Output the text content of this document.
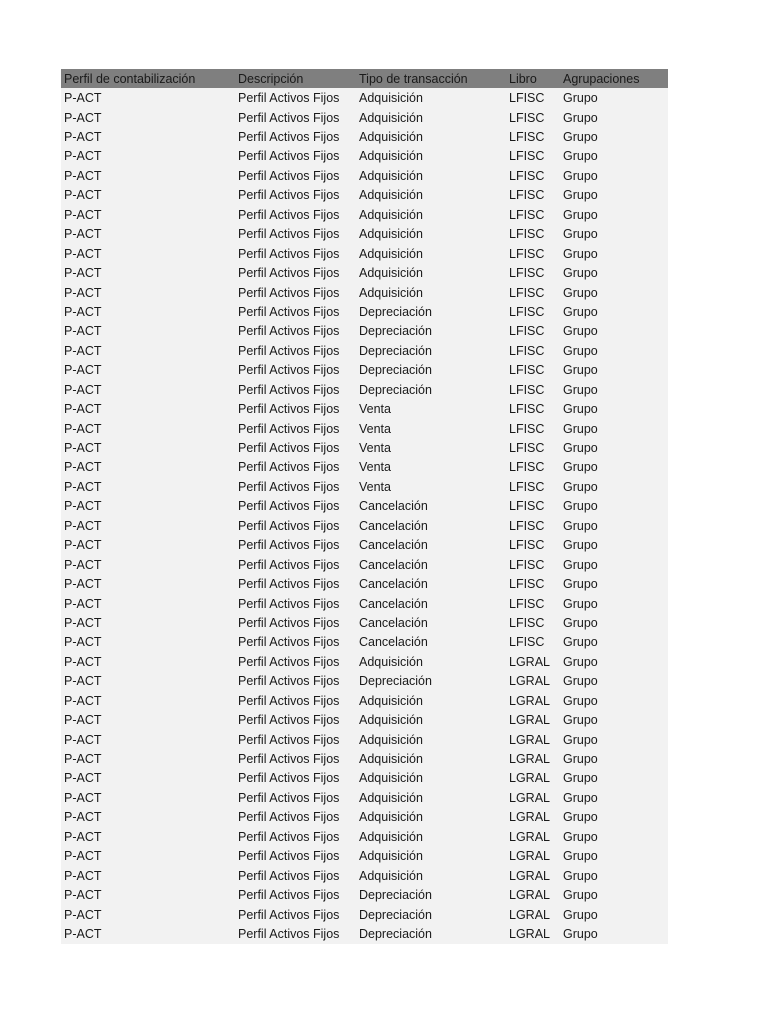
Perfil de contabilización	Descripción	Tipo de transacción	Libro	Agrupaciones
P-ACT	Perfil Activos Fijos	Adquisición	LFISC	Grupo
P-ACT	Perfil Activos Fijos	Adquisición	LFISC	Grupo
P-ACT	Perfil Activos Fijos	Adquisición	LFISC	Grupo
P-ACT	Perfil Activos Fijos	Adquisición	LFISC	Grupo
P-ACT	Perfil Activos Fijos	Adquisición	LFISC	Grupo
P-ACT	Perfil Activos Fijos	Adquisición	LFISC	Grupo
P-ACT	Perfil Activos Fijos	Adquisición	LFISC	Grupo
P-ACT	Perfil Activos Fijos	Adquisición	LFISC	Grupo
P-ACT	Perfil Activos Fijos	Adquisición	LFISC	Grupo
P-ACT	Perfil Activos Fijos	Adquisición	LFISC	Grupo
P-ACT	Perfil Activos Fijos	Adquisición	LFISC	Grupo
P-ACT	Perfil Activos Fijos	Depreciación	LFISC	Grupo
P-ACT	Perfil Activos Fijos	Depreciación	LFISC	Grupo
P-ACT	Perfil Activos Fijos	Depreciación	LFISC	Grupo
P-ACT	Perfil Activos Fijos	Depreciación	LFISC	Grupo
P-ACT	Perfil Activos Fijos	Depreciación	LFISC	Grupo
P-ACT	Perfil Activos Fijos	Venta	LFISC	Grupo
P-ACT	Perfil Activos Fijos	Venta	LFISC	Grupo
P-ACT	Perfil Activos Fijos	Venta	LFISC	Grupo
P-ACT	Perfil Activos Fijos	Venta	LFISC	Grupo
P-ACT	Perfil Activos Fijos	Venta	LFISC	Grupo
P-ACT	Perfil Activos Fijos	Cancelación	LFISC	Grupo
P-ACT	Perfil Activos Fijos	Cancelación	LFISC	Grupo
P-ACT	Perfil Activos Fijos	Cancelación	LFISC	Grupo
P-ACT	Perfil Activos Fijos	Cancelación	LFISC	Grupo
P-ACT	Perfil Activos Fijos	Cancelación	LFISC	Grupo
P-ACT	Perfil Activos Fijos	Cancelación	LFISC	Grupo
P-ACT	Perfil Activos Fijos	Cancelación	LFISC	Grupo
P-ACT	Perfil Activos Fijos	Cancelación	LFISC	Grupo
P-ACT	Perfil Activos Fijos	Adquisición	LGRAL	Grupo
P-ACT	Perfil Activos Fijos	Depreciación	LGRAL	Grupo
P-ACT	Perfil Activos Fijos	Adquisición	LGRAL	Grupo
P-ACT	Perfil Activos Fijos	Adquisición	LGRAL	Grupo
P-ACT	Perfil Activos Fijos	Adquisición	LGRAL	Grupo
P-ACT	Perfil Activos Fijos	Adquisición	LGRAL	Grupo
P-ACT	Perfil Activos Fijos	Adquisición	LGRAL	Grupo
P-ACT	Perfil Activos Fijos	Adquisición	LGRAL	Grupo
P-ACT	Perfil Activos Fijos	Adquisición	LGRAL	Grupo
P-ACT	Perfil Activos Fijos	Adquisición	LGRAL	Grupo
P-ACT	Perfil Activos Fijos	Adquisición	LGRAL	Grupo
P-ACT	Perfil Activos Fijos	Adquisición	LGRAL	Grupo
P-ACT	Perfil Activos Fijos	Depreciación	LGRAL	Grupo
P-ACT	Perfil Activos Fijos	Depreciación	LGRAL	Grupo
P-ACT	Perfil Activos Fijos	Depreciación	LGRAL	Grupo
